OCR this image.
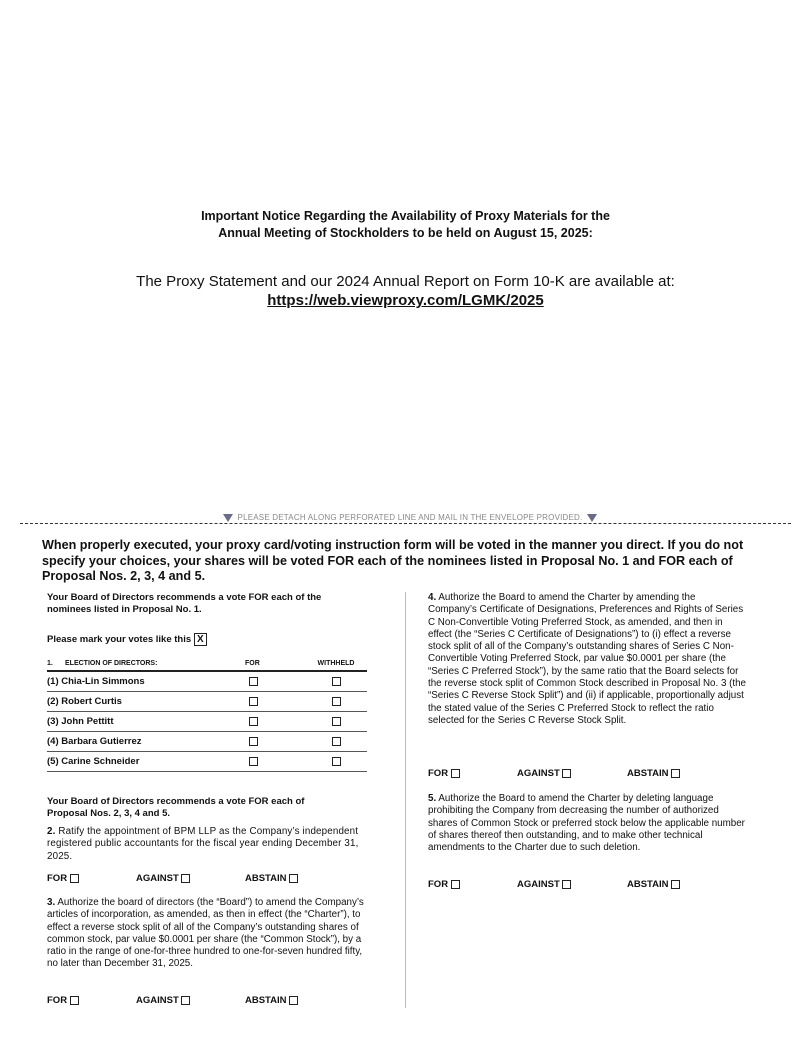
Important Notice Regarding the Availability of Proxy Materials for the
Annual Meeting of Stockholders to be held on August 15, 2025:
The Proxy Statement and our 2024 Annual Report on Form 10-K are available at:
https://web.viewproxy.com/LGMK/2025
PLEASE DETACH ALONG PERFORATED LINE AND MAIL IN THE ENVELOPE PROVIDED.
When properly executed, your proxy card/voting instruction form will be voted in the manner you direct. If you do not specify your choices, your shares will be voted FOR each of the nominees listed in Proposal No. 1 and FOR each of Proposal Nos. 2, 3, 4 and 5.
Your Board of Directors recommends a vote FOR each of the nominees listed in Proposal No. 1.
Please mark your votes like this X
1.	ELECTION OF DIRECTORS:	FOR	WITHHELD
(1) Chia-Lin Simmons			
(2) Robert Curtis			
(3) John Pettitt			
(4) Barbara Gutierrez			
(5) Carine Schneider			
Your Board of Directors recommends a vote FOR each of Proposal Nos. 2, 3, 4 and 5.
2. Ratify the appointment of BPM LLP as the Company’s independent registered public accountants for the fiscal year ending December 31, 2025.
FOR	AGAINST	ABSTAIN
3. Authorize the board of directors (the “Board”) to amend the Company’s articles of incorporation, as amended, as then in effect (the “Charter”), to effect a reverse stock split of all of the Company’s outstanding shares of common stock, par value $0.0001 per share (the “Common Stock”), by a ratio in the range of one-for-three hundred to one-for-seven hundred fifty, no later than December 31, 2025.
FOR	AGAINST	ABSTAIN
4. Authorize the Board to amend the Charter by amending the Company’s Certificate of Designations, Preferences and Rights of Series C Non-Convertible Voting Preferred Stock, as amended, and then in effect (the “Series C Certificate of Designations”) to (i) effect a reverse stock split of all of the Company’s outstanding shares of Series C Non-Convertible Voting Preferred Stock, par value $0.0001 per share (the “Series C Preferred Stock”), by the same ratio that the Board selects for the reverse stock split of Common Stock described in Proposal No. 3 (the “Series C Reverse Stock Split”) and (ii) if applicable, proportionally adjust the stated value of the Series C Preferred Stock to reflect the ratio selected for the Series C Reverse Stock Split.
FOR	AGAINST	ABSTAIN
5. Authorize the Board to amend the Charter by deleting language prohibiting the Company from decreasing the number of authorized shares of Common Stock or preferred stock below the applicable number of shares thereof then outstanding, and to make other technical amendments to the Charter due to such deletion.
FOR	AGAINST	ABSTAIN
